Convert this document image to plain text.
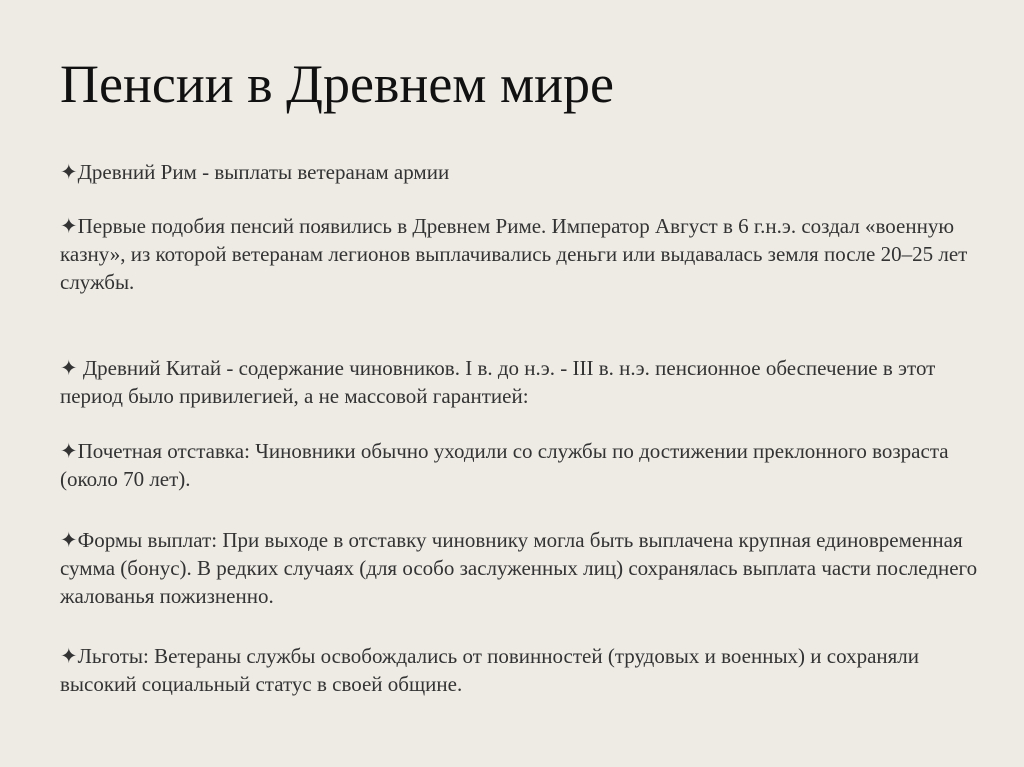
Пенсии в Древнем мире
✦Древний Рим - выплаты ветеранам армии
✦Первые подобия пенсий появились в Древнем Риме. Император Август в 6 г.н.э. создал «военную казну», из которой ветеранам легионов выплачивались деньги или выдавалась земля после 20–25 лет службы.
✦ Древний Китай - содержание чиновников. I в. до н.э. - III в. н.э. пенсионное обеспечение в этот период было привилегией, а не массовой гарантией:
✦Почетная отставка: Чиновники обычно уходили со службы по достижении преклонного возраста (около 70 лет).
✦Формы выплат: При выходе в отставку чиновнику могла быть выплачена крупная единовременная сумма (бонус). В редких случаях (для особо заслуженных лиц) сохранялась выплата части последнего жалованья пожизненно.
✦Льготы: Ветераны службы освобождались от повинностей (трудовых и военных) и сохраняли высокий социальный статус в своей общине.
